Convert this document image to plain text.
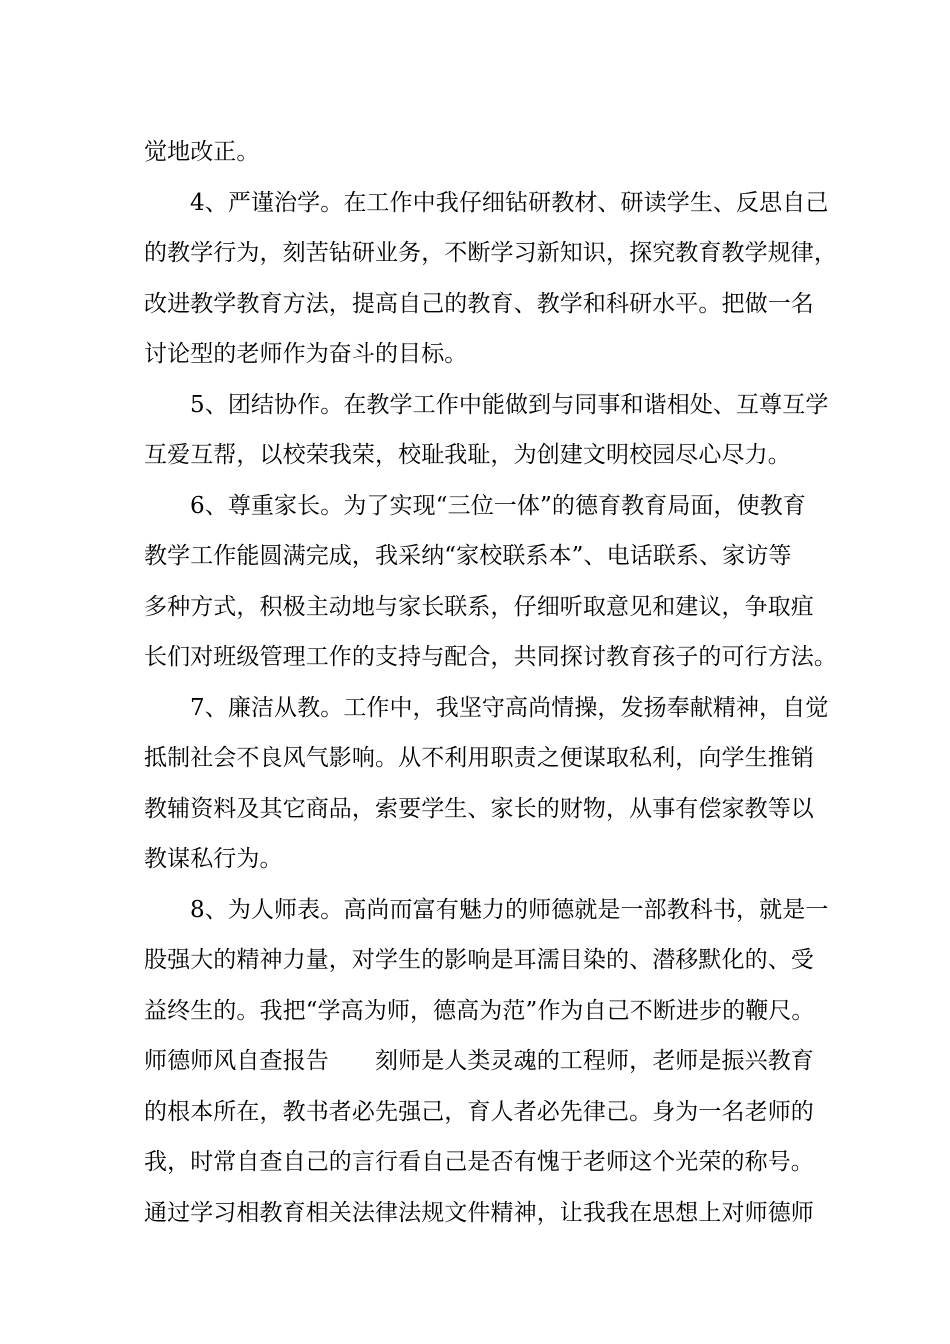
觉地改正。
4、严谨治学。在工作中我仔细钻研教材、研读学生、反思自己
的教学行为，刻苦钻研业务，不断学习新知识，探究教育教学规律，
改进教学教育方法，提高自己的教育、教学和科研水平。把做一名
讨论型的老师作为奋斗的目标。
5、团结协作。在教学工作中能做到与同事和谐相处、互尊互学
互爱互帮，以校荣我荣，校耻我耻，为创建文明校园尽心尽力。
6、尊重家长。为了实现“三位一体”的德育教育局面，使教育
教学工作能圆满完成，我采纳“家校联系本”、电话联系、家访等
多种方式，积极主动地与家长联系，仔细听取意见和建议，争取疽
长们对班级管理工作的支持与配合，共同探讨教育孩子的可行方法。
7、廉洁从教。工作中，我坚守高尚情操，发扬奉献精神，自觉
抵制社会不良风气影响。从不利用职责之便谋取私利，向学生推销
教辅资料及其它商品，索要学生、家长的财物，从事有偿家教等以
教谋私行为。
8、为人师表。高尚而富有魅力的师德就是一部教科书，就是一
股强大的精神力量，对学生的影响是耳濡目染的、潜移默化的、受
益终生的。我把“学高为师，德高为范”作为自己不断进步的鞭尺。
师德师风自查报告　　刻师是人类灵魂的工程师，老师是振兴教育
的根本所在，教书者必先强己，育人者必先律己。身为一名老师的
我，时常自查自己的言行看自己是否有愧于老师这个光荣的称号。
通过学习相教育相关法律法规文件精神，让我我在思想上对师德师
